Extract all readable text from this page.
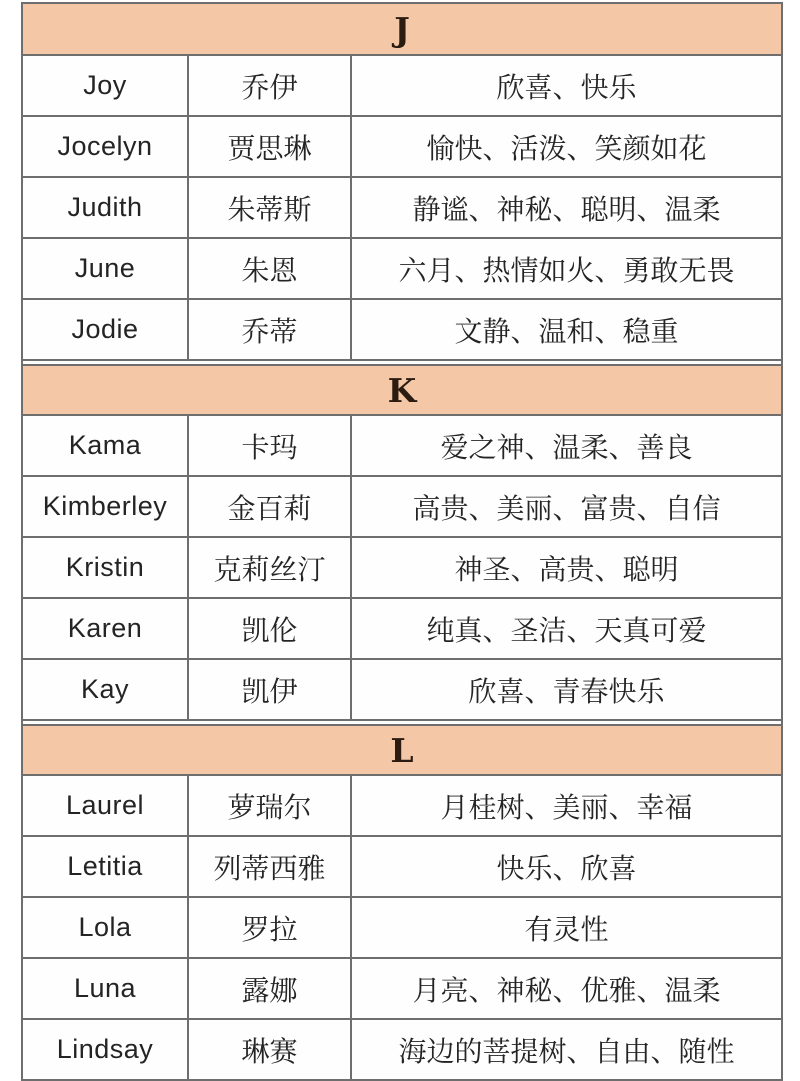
J
Joy	乔伊	欣喜、快乐
Jocelyn	贾思琳	愉快、活泼、笑颜如花
Judith	朱蒂斯	静谧、神秘、聪明、温柔
June	朱恩	六月、热情如火、勇敢无畏
Jodie	乔蒂	文静、温和、稳重
K
Kama	卡玛	爱之神、温柔、善良
Kimberley	金百莉	高贵、美丽、富贵、自信
Kristin	克莉丝汀	神圣、高贵、聪明
Karen	凯伦	纯真、圣洁、天真可爱
Kay	凯伊	欣喜、青春快乐
L
Laurel	萝瑞尔	月桂树、美丽、幸福
Letitia	列蒂西雅	快乐、欣喜
Lola	罗拉	有灵性
Luna	露娜	月亮、神秘、优雅、温柔
Lindsay	琳赛	海边的菩提树、自由、随性
